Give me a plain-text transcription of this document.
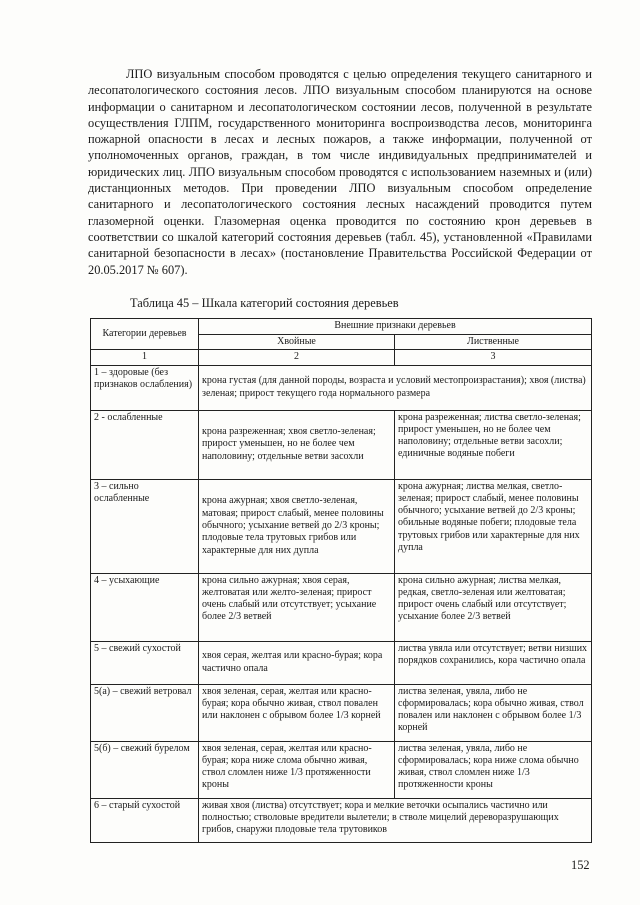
ЛПО визуальным способом проводятся с целью определения текущего санитарного и лесопатологического состояния лесов. ЛПО визуальным способом планируются на основе информации о санитарном и лесопатологическом состоянии лесов, полученной в результате осуществления ГЛПМ, государственного мониторинга воспроизводства лесов, мониторинга пожарной опасности в лесах и лесных пожаров, а также информации, полученной от уполномоченных органов, граждан, в том числе индивидуальных предпринимателей и юридических лиц. ЛПО визуальным способом проводятся с использованием наземных и (или) дистанционных методов. При проведении ЛПО визуальным способом определение санитарного и лесопатологического состояния лесных насаждений проводится путем глазомерной оценки. Глазомерная оценка проводится по состоянию крон деревьев в соответствии со шкалой категорий состояния деревьев (табл. 45), установленной «Правилами санитарной безопасности в лесах» (постановление Правительства Российской Федерации от 20.05.2017 № 607).

Таблица 45 – Шкала категорий состояния деревьев

Категории деревьев	Внешние признаки деревьев	
	Хвойные	Лиственные
1	2	3
1 – здоровые (без признаков ослабления)	крона густая (для данной породы, возраста и условий местопроизрастания); хвоя (листва) зеленая; прирост текущего года нормального размера	
2 - ослабленные	крона разреженная; хвоя светло-зеленая; прирост уменьшен, но не более чем наполовину; отдельные ветви засохли	крона разреженная; листва светло-зеленая; прирост уменьшен, но не более чем наполовину; отдельные ветви засохли; единичные водяные побеги
3 – сильно ослабленные	крона ажурная; хвоя светло-зеленая, матовая; прирост слабый, менее половины обычного; усыхание ветвей до 2/3 кроны; плодовые тела трутовых грибов или характерные для них дупла	крона ажурная; листва мелкая, светло-зеленая; прирост слабый, менее половины обычного; усыхание ветвей до 2/3 кроны; обильные водяные побеги; плодовые тела трутовых грибов или характерные для них дупла
4 – усыхающие	крона сильно ажурная; хвоя серая, желтоватая или желто-зеленая; прирост очень слабый или отсутствует; усыхание более 2/3 ветвей	крона сильно ажурная; листва мелкая, редкая, светло-зеленая или желтоватая; прирост очень слабый или отсутствует; усыхание более 2/3 ветвей
5 – свежий сухостой	хвоя серая, желтая или красно-бурая; кора частично опала	листва увяла или отсутствует; ветви низших порядков сохранились, кора частично опала
5(а) – свежий ветровал	хвоя зеленая, серая, желтая или красно-бурая; кора обычно живая, ствол повален или наклонен с обрывом более 1/3 корней	листва зеленая, увяла, либо не сформировалась; кора обычно живая, ствол повален или наклонен с обрывом более 1/3 корней
5(б) – свежий бурелом	хвоя зеленая, серая, желтая или красно-бурая; кора ниже слома обычно живая, ствол сломлен ниже 1/3 протяженности кроны	листва зеленая, увяла, либо не сформировалась; кора ниже слома обычно живая, ствол сломлен ниже 1/3 протяженности кроны
6 – старый сухостой	живая хвоя (листва) отсутствует; кора и мелкие веточки осыпались частично или полностью; стволовые вредители вылетели; в стволе мицелий дереворазрушающих грибов, снаружи плодовые тела трутовиков	
152
